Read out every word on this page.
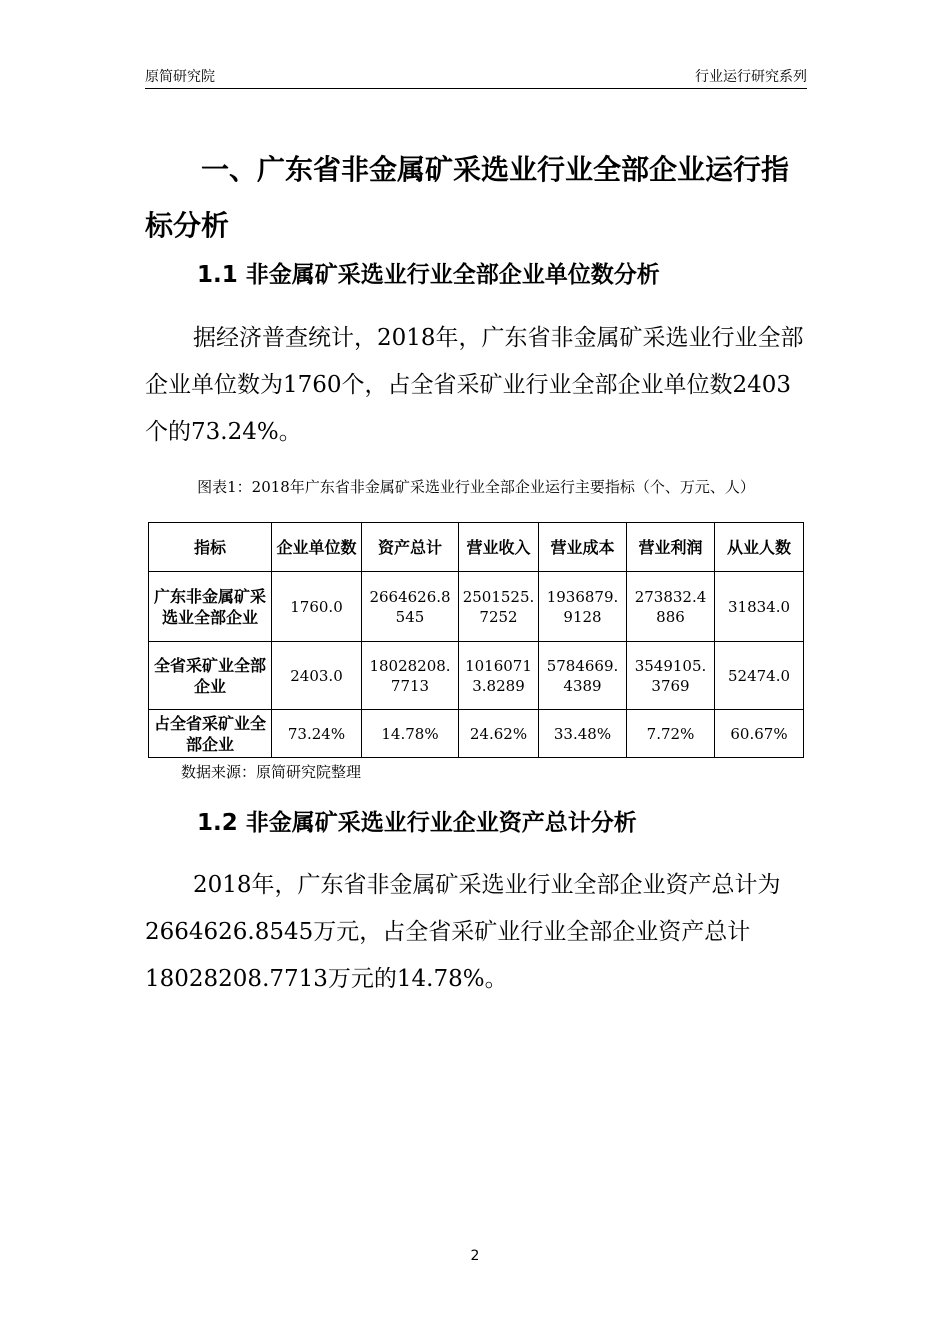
原简研究院	行业运行研究系列
一、广东省非金属矿采选业行业全部企业运行指标分析
1.1 非金属矿采选业行业全部企业单位数分析
据经济普查统计，2018年，广东省非金属矿采选业行业全部企业单位数为1760个，占全省采矿业行业全部企业单位数2403个的73.24%。
图表1：2018年广东省非金属矿采选业行业全部企业运行主要指标（个、万元、人）
指标	企业单位数	资产总计	营业收入	营业成本	营业利润	从业人数
广东非金属矿采选业全部企业	1760.0	2664626.8545	2501525.7252	1936879.9128	273832.4886	31834.0
全省采矿业全部企业	2403.0	18028208.7713	10160713.8289	5784669.4389	3549105.3769	52474.0
占全省采矿业全部企业	73.24%	14.78%	24.62%	33.48%	7.72%	60.67%
数据来源：原简研究院整理
1.2 非金属矿采选业行业企业资产总计分析
2018年，广东省非金属矿采选业行业全部企业资产总计为2664626.8545万元，占全省采矿业行业全部企业资产总计18028208.7713万元的14.78%。
2
